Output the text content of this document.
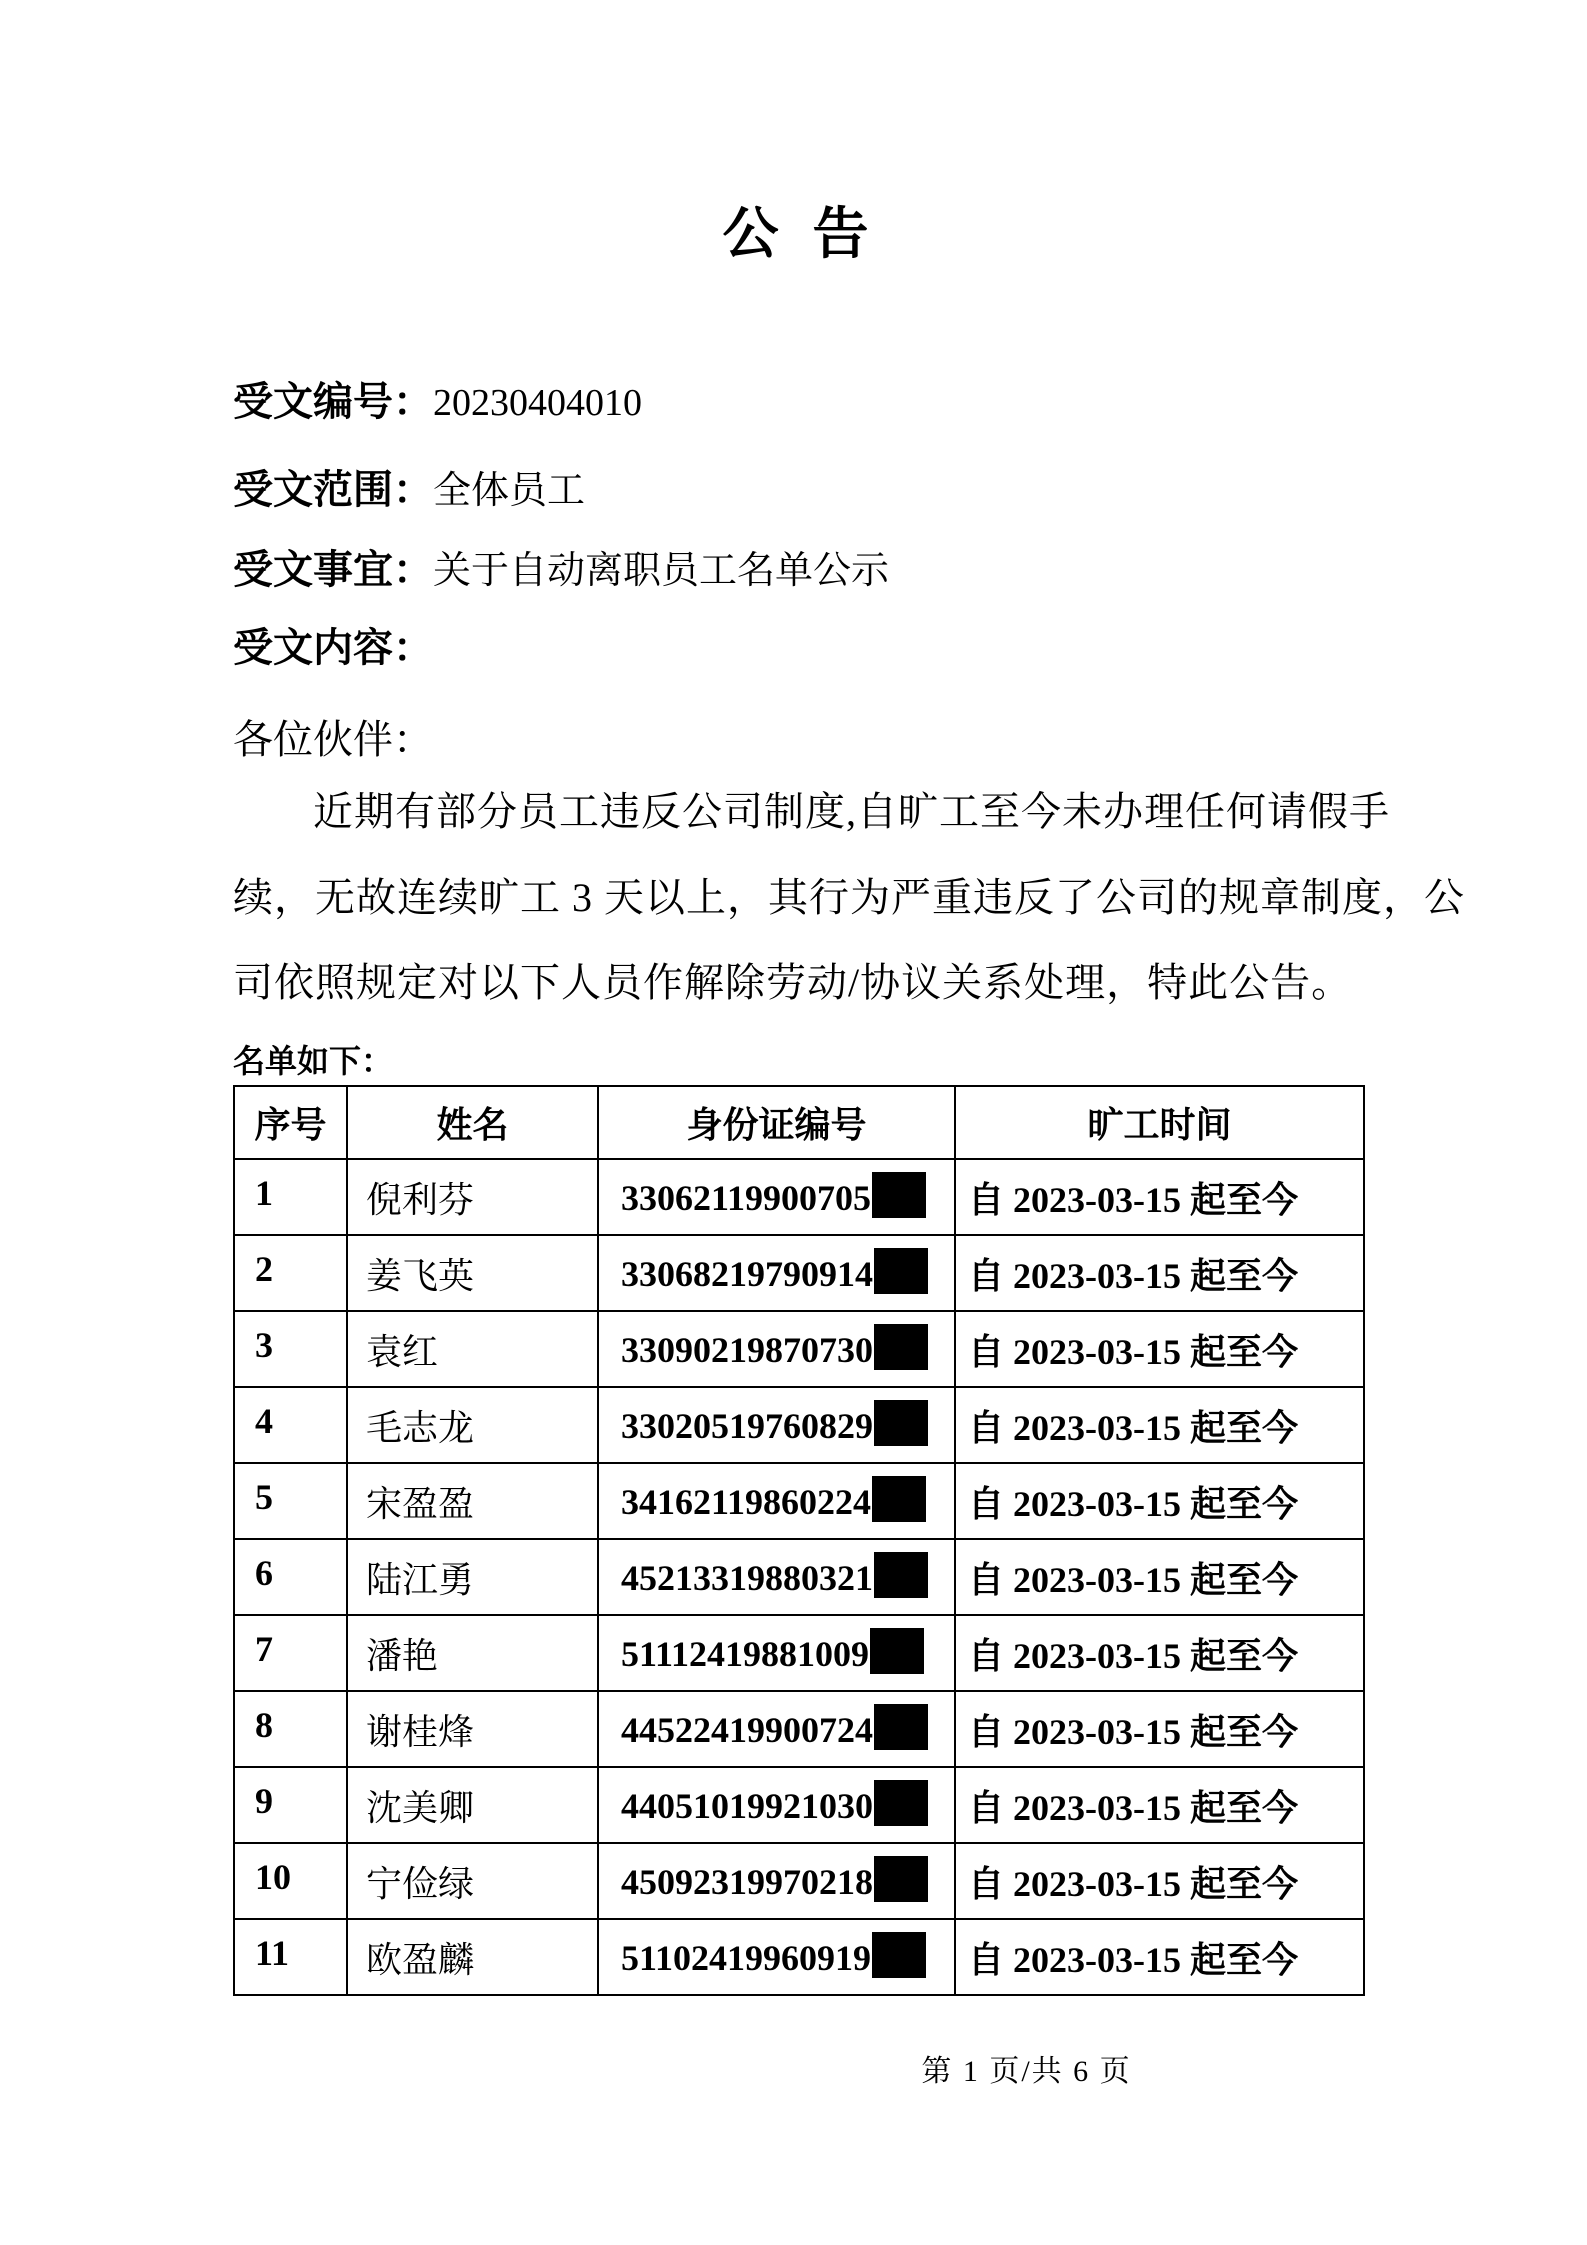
公 告
受文编号：20230404010
受文范围：全体员工
受文事宜：关于自动离职员工名单公示
受文内容：
各位伙伴：
近期有部分员工违反公司制度,自旷工至今未办理任何请假手
续，无故连续旷工 3 天以上，其行为严重违反了公司的规章制度，公
司依照规定对以下人员作解除劳动/协议关系处理，特此公告。
名单如下：
序号	姓名	身份证编号	旷工时间
1	倪利芬	33062119900705	自 2023-03-15 起至今
2	姜飞英	33068219790914	自 2023-03-15 起至今
3	袁红	33090219870730	自 2023-03-15 起至今
4	毛志龙	33020519760829	自 2023-03-15 起至今
5	宋盈盈	34162119860224	自 2023-03-15 起至今
6	陆江勇	45213319880321	自 2023-03-15 起至今
7	潘艳	51112419881009	自 2023-03-15 起至今
8	谢桂烽	44522419900724	自 2023-03-15 起至今
9	沈美卿	44051019921030	自 2023-03-15 起至今
10	宁俭绿	45092319970218	自 2023-03-15 起至今
11	欧盈麟	51102419960919	自 2023-03-15 起至今
第 1 页/共 6 页
